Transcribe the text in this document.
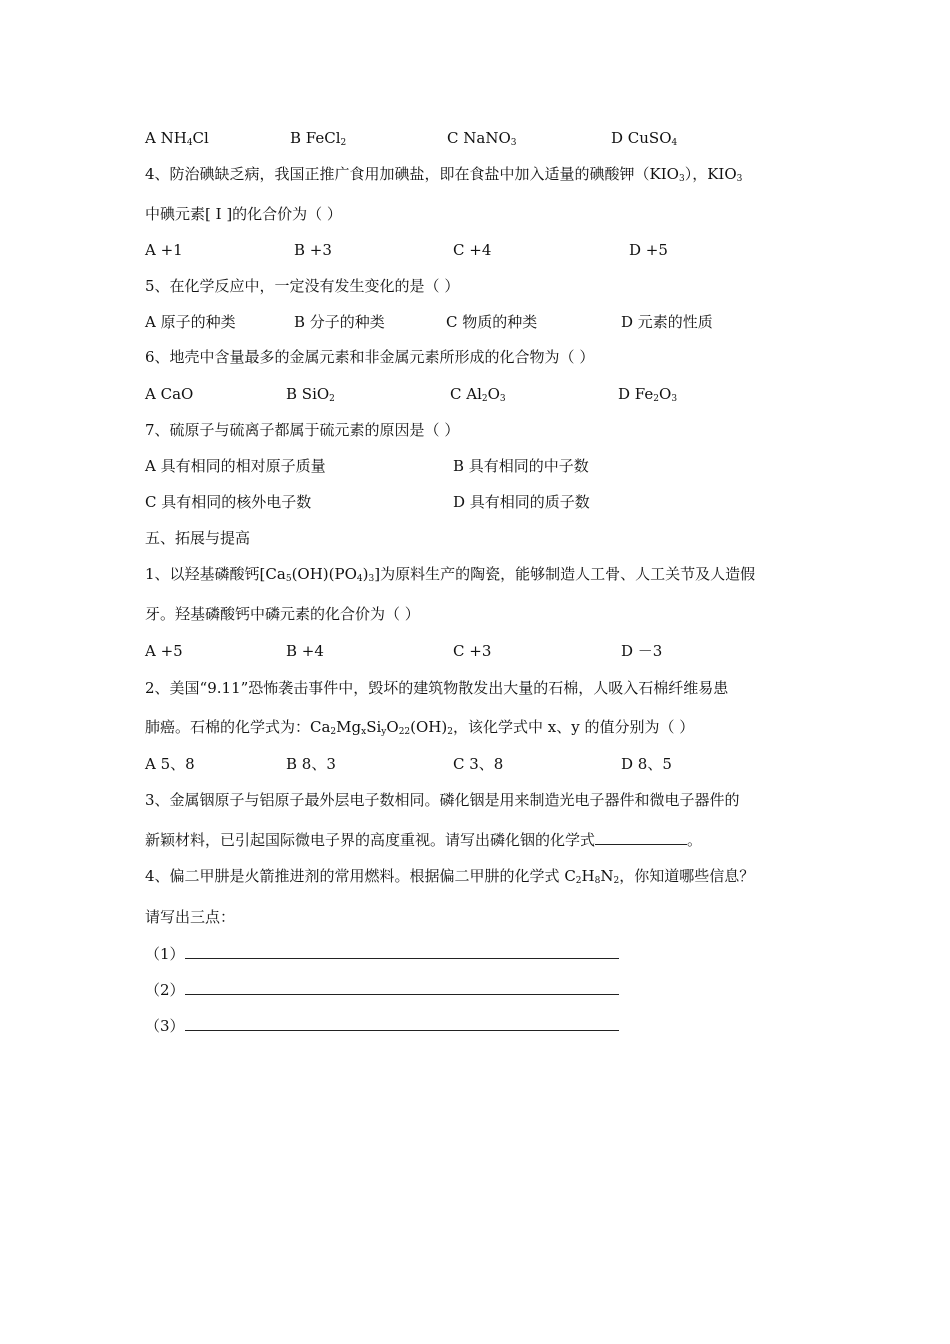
A $NH_4Cl$	B FeCl$_2$	C NaNO$_3$	D CuSO$_4$
4、防治碘缺乏病，我国正推广食用加碘盐，即在食盐中加入适量的碘酸钾$(KIO_3)$，$KIO_3$
中碘元素[ I ]的化合价为（ ）
A +1	B +3	C +4	D +5
5、在化学反应中，一定没有发生变化的是（ ）
A 原子的种类	B 分子的种类	C 物质的种类	D 元素的性质
6、地壳中含量最多的金属元素和非金属元素所形成的化合物为（ ）
A CaO	B SiO$_2$	C $Al_2O_3$	D $Fe_2O_3$
7、硫原子与硫离子都属于硫元素的原因是（ ）
A 具有相同的相对原子质量	B 具有相同的中子数
C 具有相同的核外电子数	D 具有相同的质子数
五、拓展与提高
1、以羟基磷酸钙$[Ca_5(OH)(PO_4)_3]$为原料生产的陶瓷，能够制造人工骨、人工关节及人造假
牙。羟基磷酸钙中磷元素的化合价为（ ）
A +5	B +4	C +3	D －3
2、美国“9.11”恐怖袭击事件中，毁坏的建筑物散发出大量的石棉，人吸入石棉纤维易患
肺癌。石棉的化学式为：$Ca_2Mg_xSi_yO_{22}(OH)_2$，该化学式中 x、y 的值分别为（ ）
A 5、8	B 8、3	C 3、8	D 8、5
3、金属铟原子与铝原子最外层电子数相同。磷化铟是用来制造光电子器件和微电子器件的
新颖材料，已引起国际微电子界的高度重视。请写出磷化铟的化学式	。
4、偏二甲肼是火箭推进剂的常用燃料。根据偏二甲肼的化学式 $C_2H_8N_2$，你知道哪些信息？
请写出三点：
（1）
（2）
（3）
